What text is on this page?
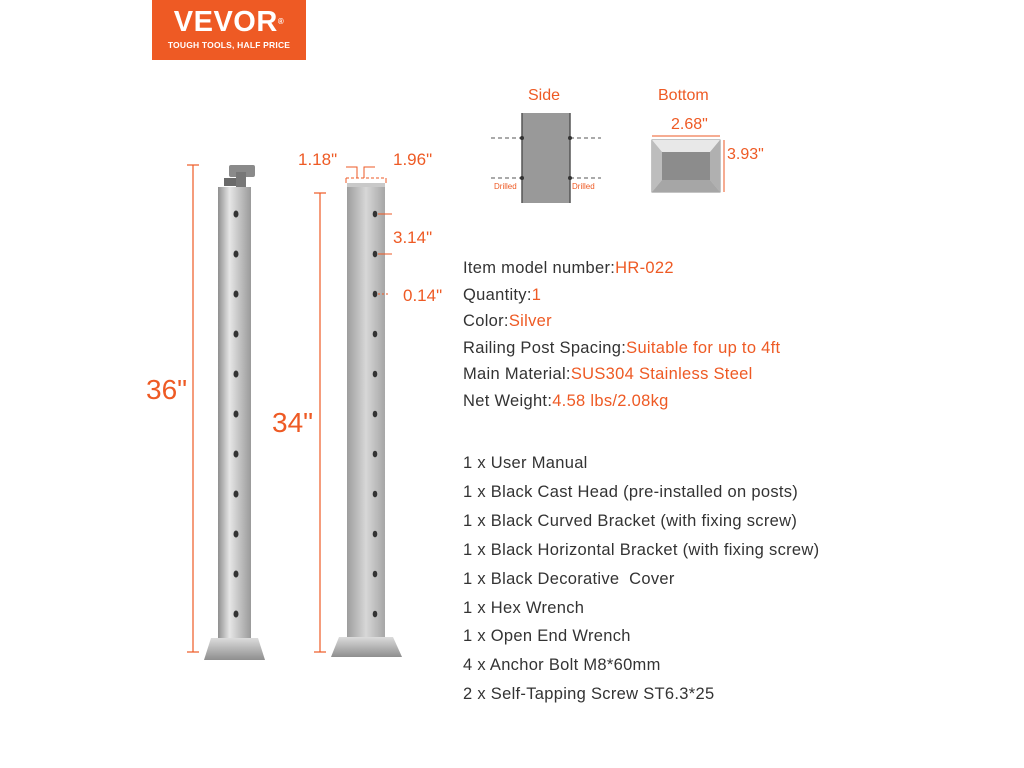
VEVOR®
TOUGH TOOLS, HALF PRICE
36"
34"
1.18"	1.96"
3.14"
0.14"
Side	Bottom
Drilled	Drilled
2.68"
3.93"
Item model number:HR-022
Quantity:1
Color:Silver
Railing Post Spacing:Suitable for up to 4ft
Main Material:SUS304 Stainless Steel
Net Weight:4.58 lbs/2.08kg
1 x User Manual
1 x Black Cast Head (pre-installed on posts)
1 x Black Curved Bracket (with fixing screw)
1 x Black Horizontal Bracket (with fixing screw)
1 x Black Decorative  Cover
1 x Hex Wrench
1 x Open End Wrench
4 x Anchor Bolt M8*60mm
2 x Self-Tapping Screw ST6.3*25
